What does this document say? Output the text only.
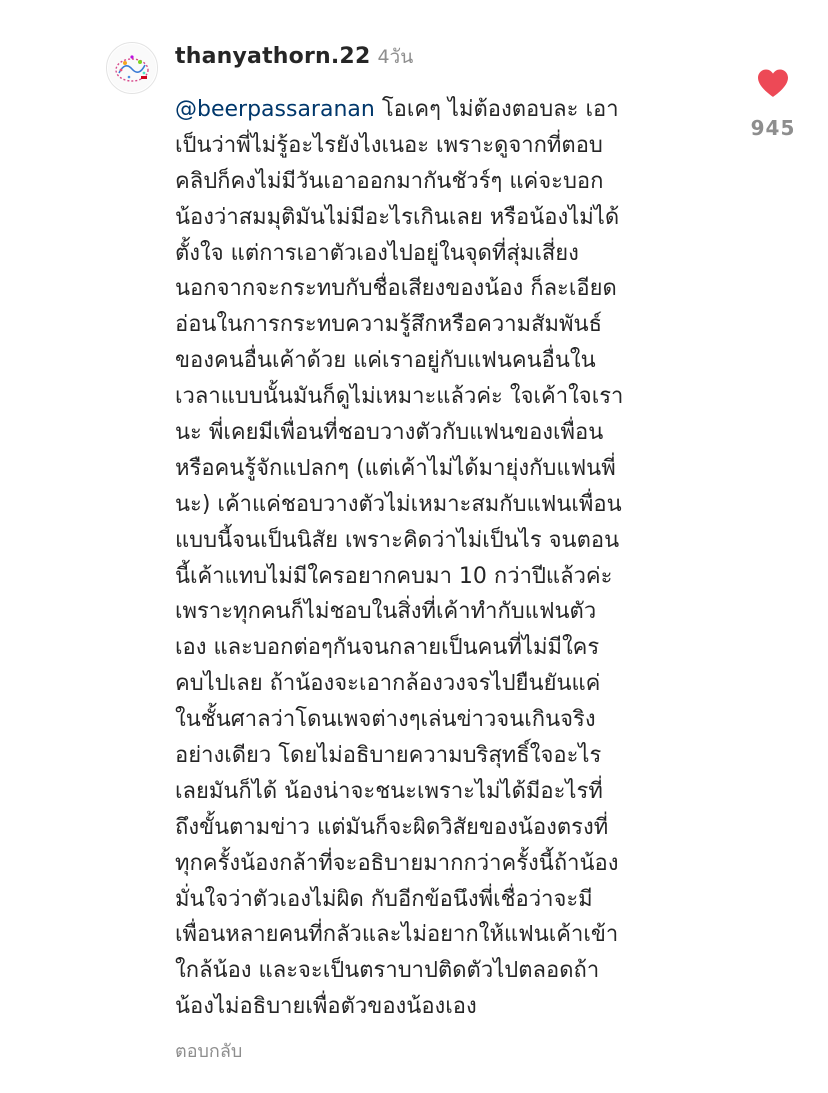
thanyathorn.22 4วัน
@beerpassaranan โอเคๆ ไม่ต้องตอบละ เอา
เป็นว่าพี่ไม่รู้อะไรยังไงเนอะ เพราะดูจากที่ตอบ
คลิปก็คงไม่มีวันเอาออกมากันชัวร์ๆ แค่จะบอก
น้องว่าสมมุติมันไม่มีอะไรเกินเลย หรือน้องไม่ได้
ตั้งใจ แต่การเอาตัวเองไปอยู่ในจุดที่สุ่มเสี่ยง
นอกจากจะกระทบกับชื่อเสียงของน้อง ก็ละเอียด
อ่อนในการกระทบความรู้สึกหรือความสัมพันธ์
ของคนอื่นเค้าด้วย แค่เราอยู่กับแฟนคนอื่นใน
เวลาแบบนั้นมันก็ดูไม่เหมาะแล้วค่ะ ใจเค้าใจเรา
นะ พี่เคยมีเพื่อนที่ชอบวางตัวกับแฟนของเพื่อน
หรือคนรู้จักแปลกๆ (แต่เค้าไม่ได้มายุ่งกับแฟนพี่
นะ) เค้าแค่ชอบวางตัวไม่เหมาะสมกับแฟนเพื่อน
แบบนี้จนเป็นนิสัย เพราะคิดว่าไม่เป็นไร จนตอน
นี้เค้าแทบไม่มีใครอยากคบมา 10 กว่าปีแล้วค่ะ
เพราะทุกคนก็ไม่ชอบในสิ่งที่เค้าทำกับแฟนตัว
เอง และบอกต่อๆกันจนกลายเป็นคนที่ไม่มีใคร
คบไปเลย ถ้าน้องจะเอากล้องวงจรไปยืนยันแค่
ในชั้นศาลว่าโดนเพจต่างๆเล่นข่าวจนเกินจริง
อย่างเดียว โดยไม่อธิบายความบริสุทธิ์ใจอะไร
เลยมันก็ได้ น้องน่าจะชนะเพราะไม่ได้มีอะไรที่
ถึงขั้นตามข่าว แต่มันก็จะผิดวิสัยของน้องตรงที่
ทุกครั้งน้องกล้าที่จะอธิบายมากกว่าครั้งนี้ถ้าน้อง
มั่นใจว่าตัวเองไม่ผิด กับอีกข้อนึงพี่เชื่อว่าจะมี
เพื่อนหลายคนที่กลัวและไม่อยากให้แฟนเค้าเข้า
ใกล้น้อง และจะเป็นตราบาปติดตัวไปตลอดถ้า
น้องไม่อธิบายเพื่อตัวของน้องเอง
ตอบกลับ
945
